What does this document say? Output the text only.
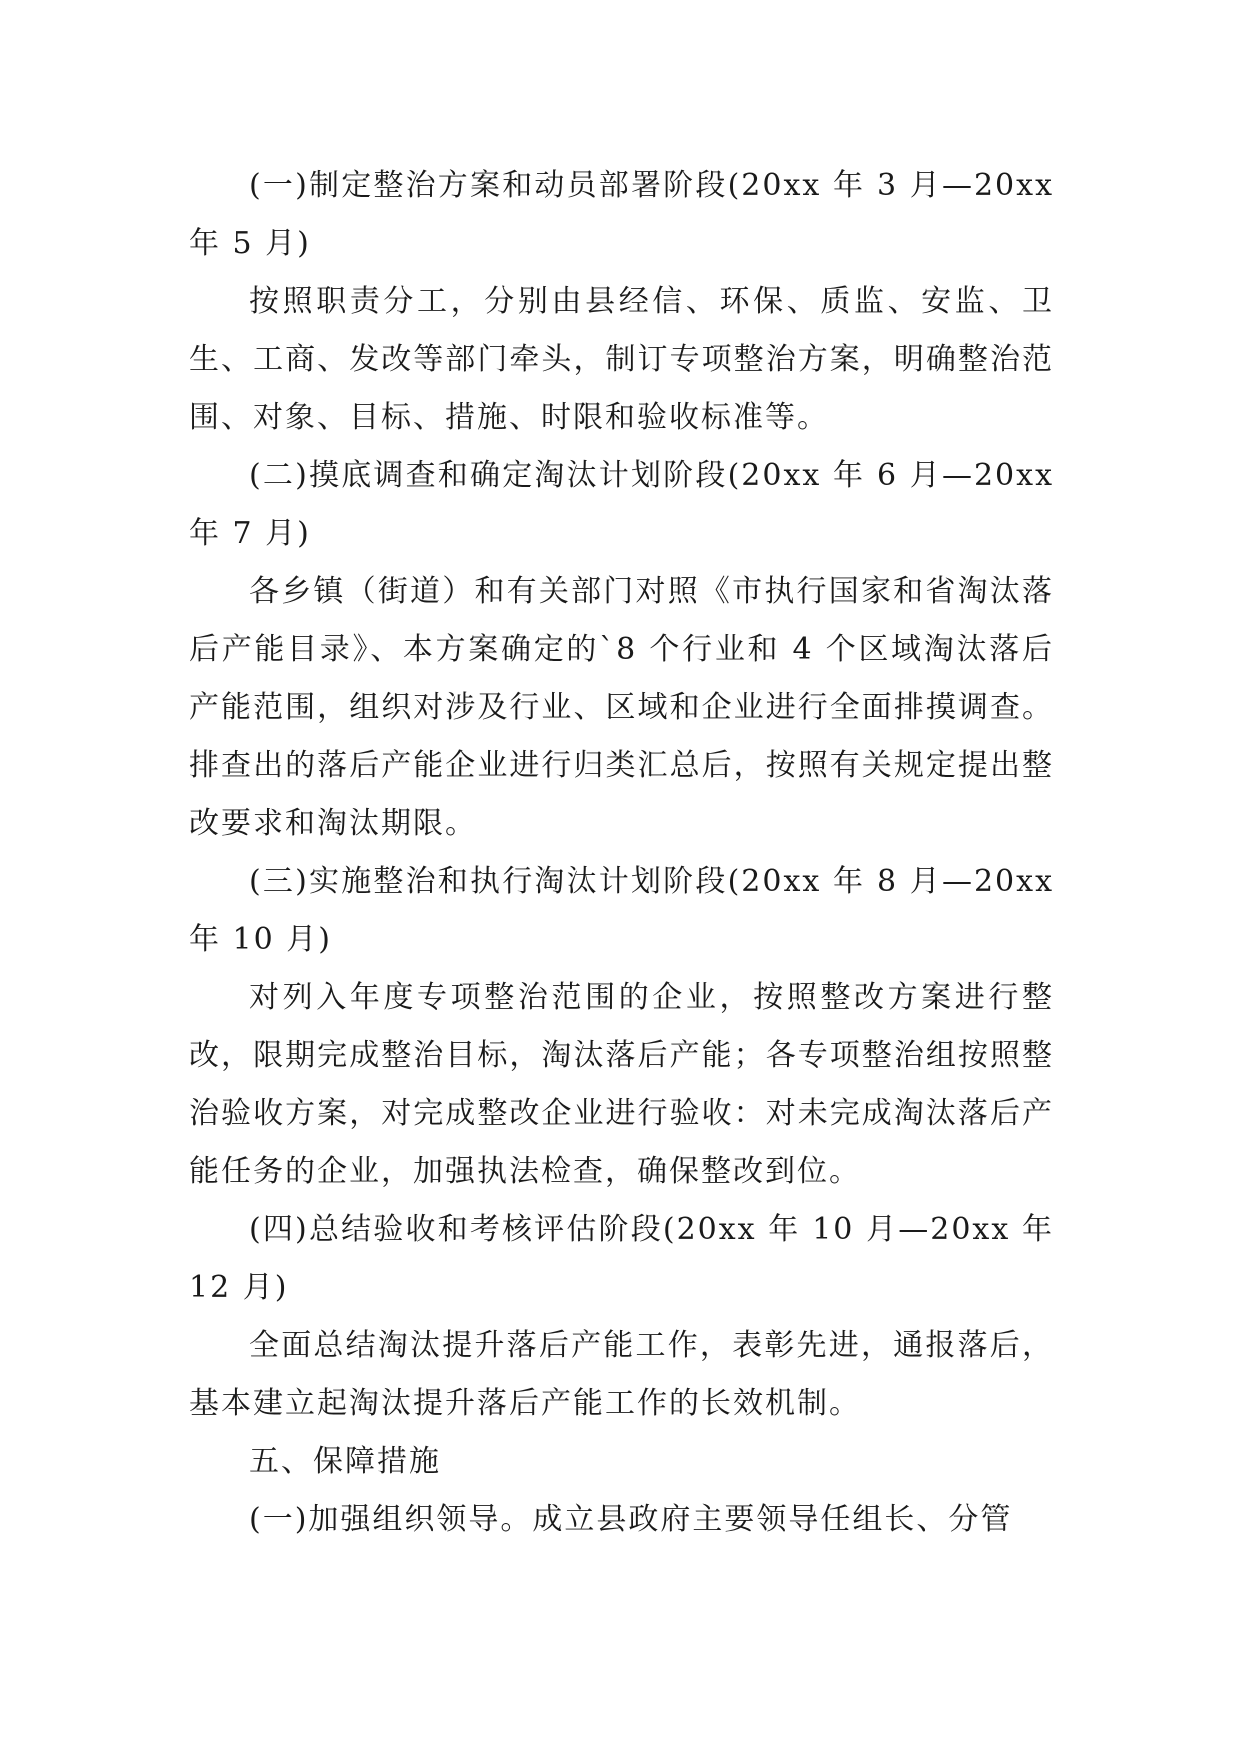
(一)制定整治方案和动员部署阶段(20xx 年 3 月—20xx 年 5 月)

按照职责分工，分别由县经信、环保、质监、安监、卫生、工商、发改等部门牵头，制订专项整治方案，明确整治范围、对象、目标、措施、时限和验收标准等。

(二)摸底调查和确定淘汰计划阶段(20xx 年 6 月—20xx 年 7 月)

各乡镇（街道）和有关部门对照《市执行国家和省淘汰落后产能目录》、本方案确定的`8 个行业和 4 个区域淘汰落后产能范围，组织对涉及行业、区域和企业进行全面排摸调查。排查出的落后产能企业进行归类汇总后，按照有关规定提出整改要求和淘汰期限。

(三)实施整治和执行淘汰计划阶段(20xx 年 8 月—20xx 年 10 月)

对列入年度专项整治范围的企业，按照整改方案进行整改，限期完成整治目标，淘汰落后产能；各专项整治组按照整治验收方案，对完成整改企业进行验收：对未完成淘汰落后产能任务的企业，加强执法检查，确保整改到位。

(四)总结验收和考核评估阶段(20xx 年 10 月—20xx 年 12 月)

全面总结淘汰提升落后产能工作，表彰先进，通报落后，基本建立起淘汰提升落后产能工作的长效机制。

五、保障措施

(一)加强组织领导。成立县政府主要领导任组长、分管
